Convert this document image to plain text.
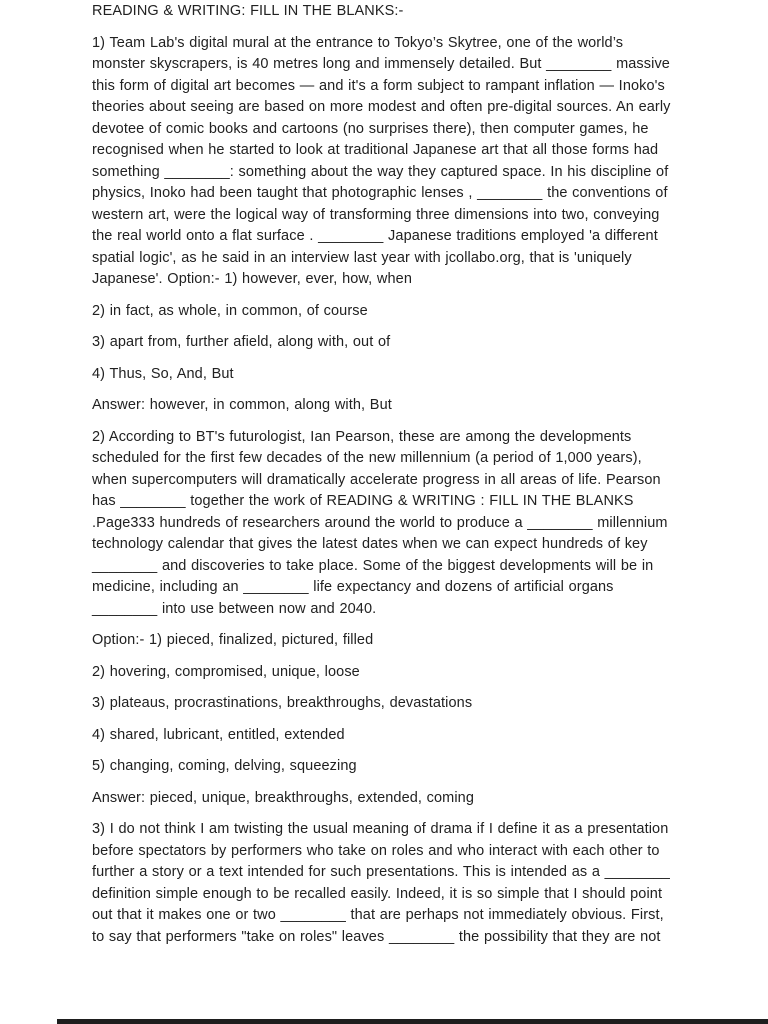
READING & WRITING: FILL IN THE BLANKS:-

1) Team Lab's digital mural at the entrance to Tokyo’s Skytree, one of the world’s monster skyscrapers, is 40 metres long and immensely detailed. But ________ massive this form of digital art becomes — and it's a form subject to rampant inflation — Inoko's theories about seeing are based on more modest and often pre-digital sources. An early devotee of comic books and cartoons (no surprises there), then computer games, he recognised when he started to look at traditional Japanese art that all those forms had something ________: something about the way they captured space. In his discipline of physics, Inoko had been taught that photographic lenses , ________ the conventions of western art, were the logical way of transforming three dimensions into two, conveying the real world onto a flat surface . ________ Japanese traditions employed 'a different spatial logic', as he said in an interview last year with jcollabo.org, that is 'uniquely Japanese'. Option:- 1) however, ever, how, when

2) in fact, as whole, in common, of course

3) apart from, further afield, along with, out of

4) Thus, So, And, But

Answer: however, in common, along with, But

2) According to BT's futurologist, Ian Pearson, these are among the developments scheduled for the first few decades of the new millennium (a period of 1,000 years), when supercomputers will dramatically accelerate progress in all areas of life. Pearson has ________ together the work of READING & WRITING : FILL IN THE BLANKS .Page333 hundreds of researchers around the world to produce a ________ millennium technology calendar that gives the latest dates when we can expect hundreds of key ________ and discoveries to take place. Some of the biggest developments will be in medicine, including an ________ life expectancy and dozens of artificial organs ________ into use between now and 2040.

Option:- 1) pieced, finalized, pictured, filled

2) hovering, compromised, unique, loose

3) plateaus, procrastinations, breakthroughs, devastations

4) shared, lubricant, entitled, extended

5) changing, coming, delving, squeezing

Answer: pieced, unique, breakthroughs, extended, coming

3) I do not think I am twisting the usual meaning of drama if I define it as a presentation before spectators by performers who take on roles and who interact with each other to further a story or a text intended for such presentations. This is intended as a ________ definition simple enough to be recalled easily. Indeed, it is so simple that I should point out that it makes one or two ________ that are perhaps not immediately obvious. First, to say that performers "take on roles" leaves ________ the possibility that they are not
